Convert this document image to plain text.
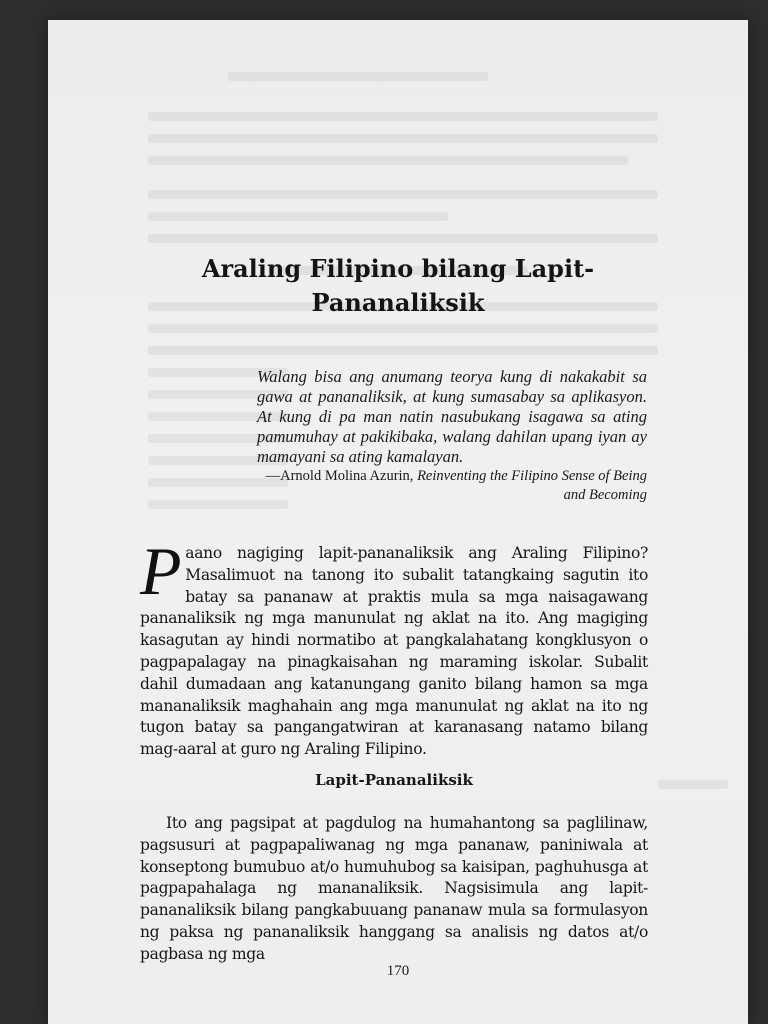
Araling Filipino bilang Lapit-Pananaliksik

Walang bisa ang anumang teorya kung di nakakabit sa gawa at pananaliksik, at kung sumasabay sa aplikasyon. At kung di pa man natin nasubukang isagawa sa ating pamumuhay at pakikibaka, walang dahilan upang iyan ay mamayani sa ating kamalayan.

—Arnold Molina Azurin, Reinventing the Filipino Sense of Being and Becoming

Paano nagiging lapit-pananaliksik ang Araling Filipino? Masalimuot na tanong ito subalit tatangkaing sagutin ito batay sa pananaw at praktis mula sa mga naisagawang pananaliksik ng mga manunulat ng aklat na ito. Ang magiging kasagutan ay hindi normatibo at pangkalahatang kongklusyon o pagpapalagay na pinagkaisahan ng maraming iskolar. Subalit dahil dumadaan ang katanungang ganito bilang hamon sa mga mananaliksik maghahain ang mga manunulat ng aklat na ito ng tugon batay sa pangangatwiran at karanasang natamo bilang mag-aaral at guro ng Araling Filipino.

Lapit-Pananaliksik

Ito ang pagsipat at pagdulog na humahantong sa paglilinaw, pagsusuri at pagpapaliwanag ng mga pananaw, paniniwala at konseptong bumubuo at/o humuhubog sa kaisipan, paghuhusga at pagpapahalaga ng mananaliksik. Nagsisimula ang lapit-pananaliksik bilang pangkabuuang pananaw mula sa formulasyon ng paksa ng pananaliksik hanggang sa analisis ng datos at/o pagbasa ng mga

170
